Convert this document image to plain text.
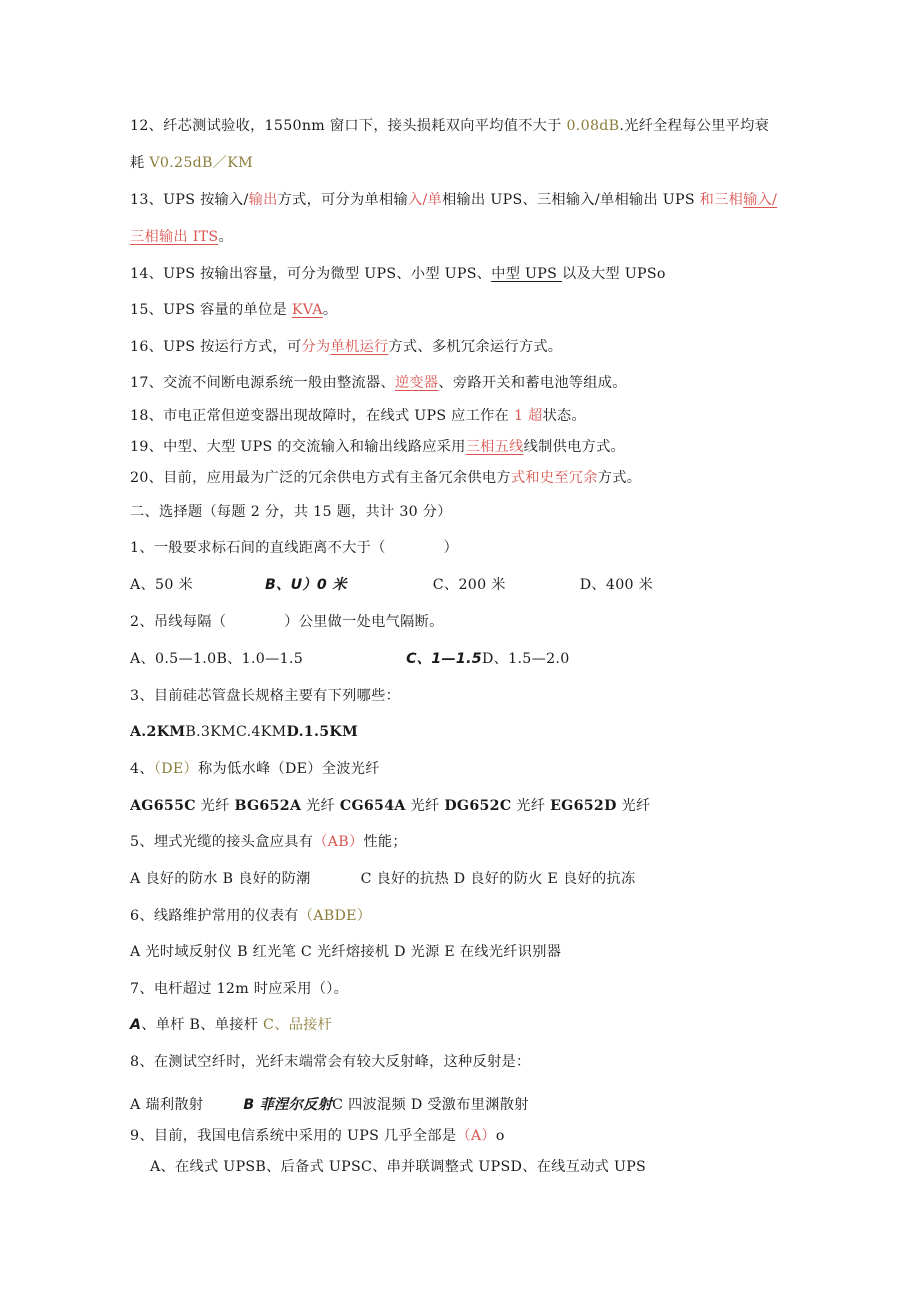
12、纤芯测试验收，1550nm 窗口下，接头损耗双向平均值不大于 0.08dB.光纤全程每公里平均衰
耗 V0.25dB／KM
13、UPS 按输入/输出方式，可分为单相输入/单相输出 UPS、三相输入/单相输出 UPS 和三相输入/
三相输出 ITS。
14、UPS 按输出容量，可分为微型 UPS、小型 UPS、中型 UPS 以及大型 UPSo
15、UPS 容量的单位是 KVA。
16、UPS 按运行方式，可分为单机运行方式、多机冗余运行方式。
17、交流不间断电源系统一般由整流器、逆变器、旁路开关和蓄电池等组成。
18、市电正常但逆变器出现故障时，在线式 UPS 应工作在 1 超状态。
19、中型、大型 UPS 的交流输入和输出线路应采用三相五线线制供电方式。
20、目前，应用最为广泛的冗余供电方式有主备冗余供电方式和史至冗余方式。
二、选择题（每题 2 分，共 15 题，共计 30 分）
1、一般要求标石间的直线距离不大于（　　　　）
A、50 米	B、U）0 米	C、200 米	D、400 米
2、吊线每隔（　　　　）公里做一处电气隔断。
A、0.5—1.0B、1.0—1.5	C、1—1.5D、1.5—2.0
3、目前硅芯管盘长规格主要有下列哪些：
A.2KMB.3KMC.4KMD.1.5KM
4、（DE）称为低水峰（DE）全波光纤
AG655C 光纤 BG652A 光纤 CG654A 光纤 DG652C 光纤 EG652D 光纤
5、埋式光缆的接头盒应具有（AB）性能；
A 良好的防水 B 良好的防潮	C 良好的抗热 D 良好的防火 E 良好的抗冻
6、线路维护常用的仪表有（ABDE）
A 光时域反射仪 B 红光笔 C 光纤熔接机 D 光源 E 在线光纤识别器
7、电杆超过 12m 时应采用（）。
A、单杆 B、单接杆 C、品接杆
8、在测试空纤时，光纤末端常会有较大反射峰，这种反射是：
A 瑞利散射	B 菲涅尔反射C 四波混频 D 受激布里渊散射
9、目前，我国电信系统中采用的 UPS 几乎全部是（A）o
A、在线式 UPSB、后备式 UPSC、串并联调整式 UPSD、在线互动式 UPS
